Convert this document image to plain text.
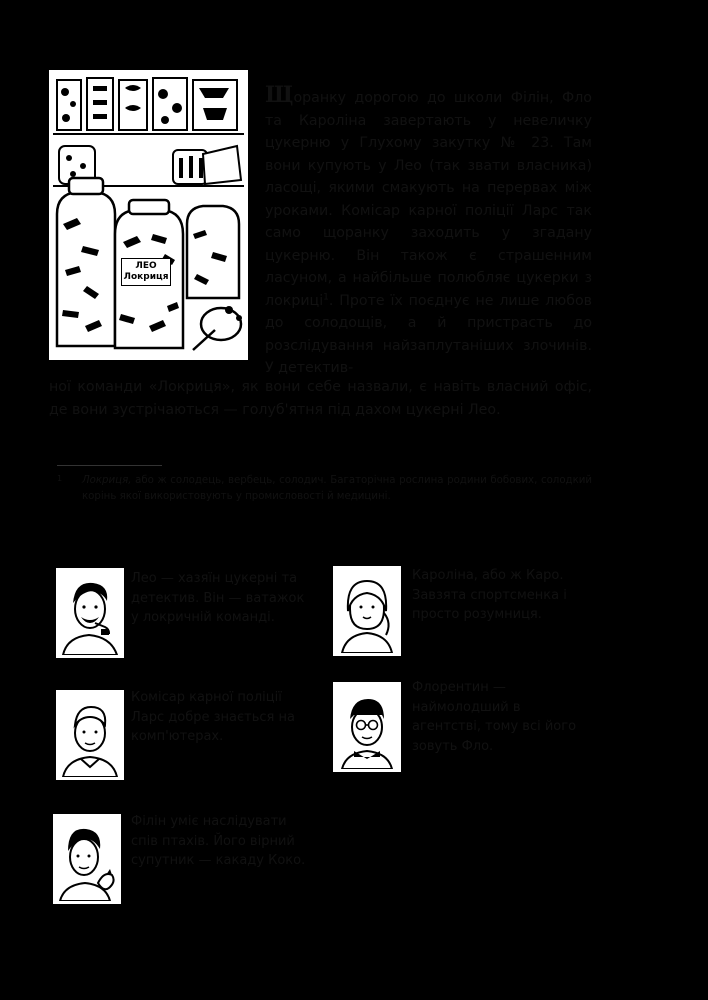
ЛЕО
Локриця

Щоранку дорогою до школи Філін, Фло та Кароліна завертають у невеличку цукерню у Глухому закутку № 23. Там вони купують у Лео (так звати власника) ласощі, якими смакують на перервах між уроками. Комісар карної поліції Ларс так само щоранку заходить у згадану цукерню. Він також є страшенним ласуном, а найбільше полюбляє цукерки з локриці$^1$. Проте їх поєднує не лише любов до солодощів, а й пристрасть до розслідування найзаплутаніших злочинів. У детектив-

ної команди «Локриця», як вони себе назвали, є навіть власний офіс, де вони зустрічаються — голуб'ятня під дахом цукерні Лео.

1 Локриця, або ж солодець, вербець, солодич. Багаторічна рослина родини бобових, солодкий корінь якої використовують у промисловості й медицині.

Лео — хазяїн цукерні та детектив. Він — ватажок у локричній команді.

Кароліна, або ж Каро. Завзята спортсменка і просто розумниця.

Комісар карної поліції Ларс добре знається на комп'ютерах.

Флорентин — наймолодший в агентстві, тому всі його зовуть Фло.

Філін уміє наслідувати спів птахів. Його вірний супутник — какаду Коко.
